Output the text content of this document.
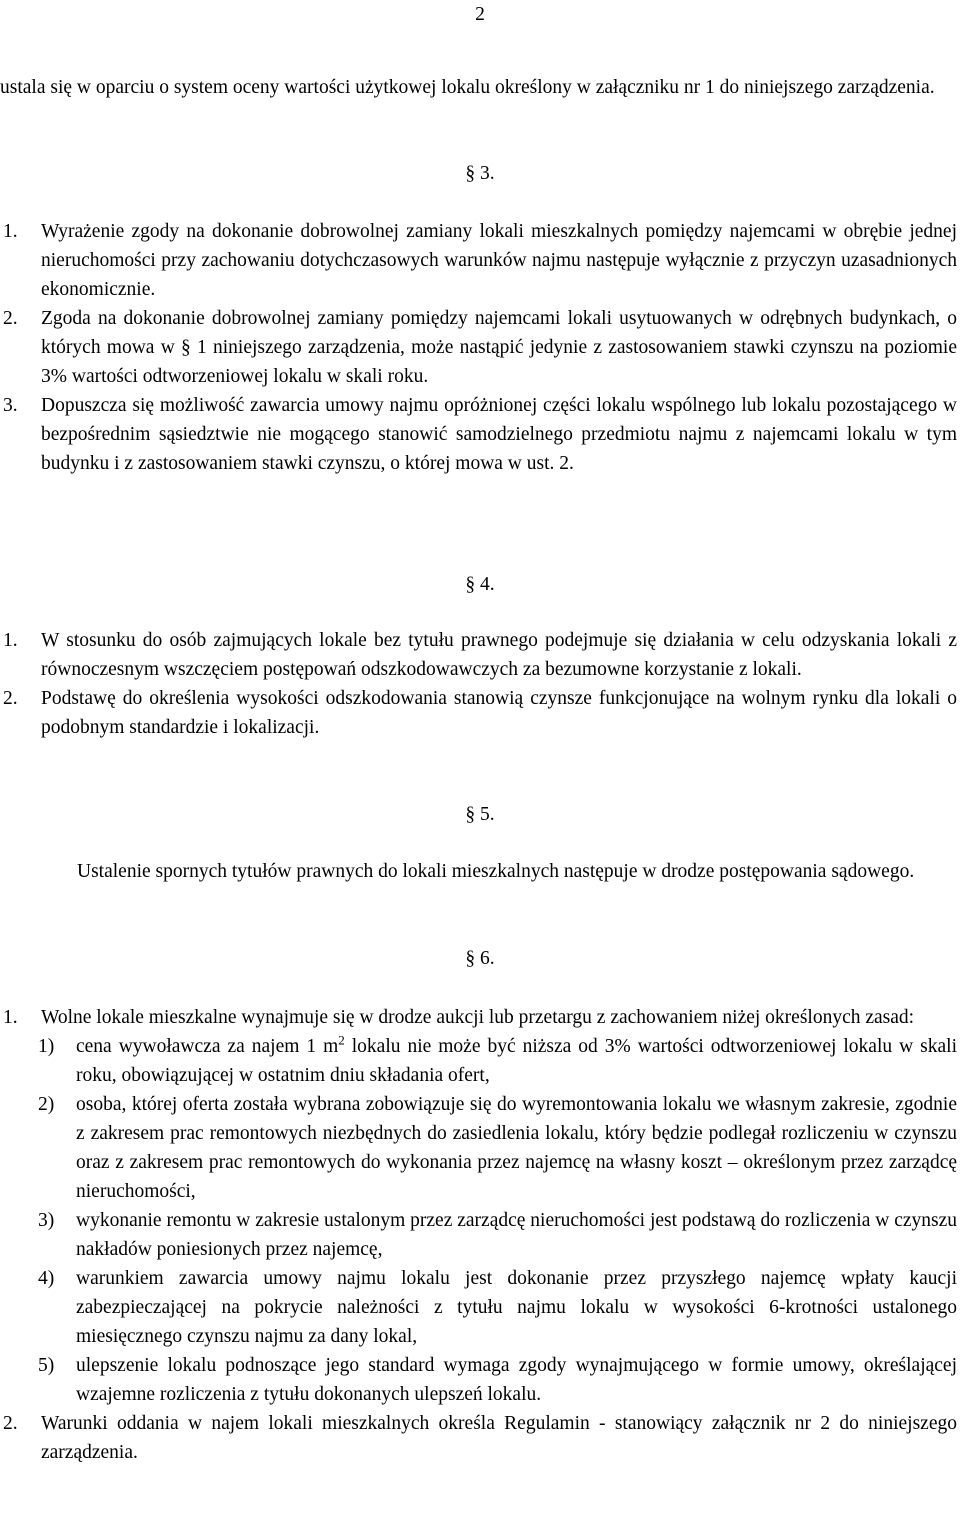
2
ustala się w oparciu o system oceny wartości użytkowej lokalu określony w załączniku nr 1 do niniejszego zarządzenia.
§ 3.
1.	Wyrażenie zgody na dokonanie dobrowolnej zamiany lokali mieszkalnych pomiędzy najemcami w obrębie jednej nieruchomości przy zachowaniu dotychczasowych warunków najmu następuje wyłącznie z przyczyn uzasadnionych ekonomicznie.
2.	Zgoda na dokonanie dobrowolnej zamiany pomiędzy najemcami lokali usytuowanych w odrębnych budynkach, o których mowa w § 1 niniejszego zarządzenia, może nastąpić jedynie z zastosowaniem stawki czynszu na poziomie 3% wartości odtworzeniowej lokalu w skali roku.
3.	Dopuszcza się możliwość zawarcia umowy najmu opróżnionej części lokalu wspólnego lub lokalu pozostającego w bezpośrednim sąsiedztwie nie mogącego stanowić samodzielnego przedmiotu najmu z najemcami lokalu w tym budynku i z zastosowaniem stawki czynszu, o której mowa w ust. 2.
§ 4.
1.	W stosunku do osób zajmujących lokale bez tytułu prawnego podejmuje się działania w celu odzyskania lokali z równoczesnym wszczęciem postępowań odszkodowawczych za bezumowne korzystanie z lokali.
2.	Podstawę do określenia wysokości odszkodowania stanowią czynsze funkcjonujące na wolnym rynku dla lokali o podobnym standardzie i lokalizacji.
§ 5.
Ustalenie spornych tytułów prawnych do lokali mieszkalnych następuje w drodze postępowania sądowego.
§ 6.
1.	Wolne lokale mieszkalne wynajmuje się w drodze aukcji lub przetargu z zachowaniem niżej określonych zasad:
1)	cena wywoławcza za najem 1 $m^2$ lokalu nie może być niższa od 3% wartości odtworzeniowej lokalu w skali roku, obowiązującej w ostatnim dniu składania ofert,
2)	osoba, której oferta została wybrana zobowiązuje się do wyremontowania lokalu we własnym zakresie, zgodnie z zakresem prac remontowych niezbędnych do zasiedlenia lokalu, który będzie podlegał rozliczeniu w czynszu oraz z zakresem prac remontowych do wykonania przez najemcę na własny koszt – określonym przez zarządcę nieruchomości,
3)	wykonanie remontu w zakresie ustalonym przez zarządcę nieruchomości jest podstawą do rozliczenia w czynszu nakładów poniesionych przez najemcę,
4)	warunkiem zawarcia umowy najmu lokalu jest dokonanie przez przyszłego najemcę wpłaty kaucji zabezpieczającej na pokrycie należności z tytułu najmu lokalu w wysokości 6-krotności ustalonego miesięcznego czynszu najmu za dany lokal,
5)	ulepszenie lokalu podnoszące jego standard wymaga zgody wynajmującego w formie umowy, określającej wzajemne rozliczenia z tytułu dokonanych ulepszeń lokalu.
2.	Warunki oddania w najem lokali mieszkalnych określa Regulamin - stanowiący załącznik nr 2 do niniejszego zarządzenia.
